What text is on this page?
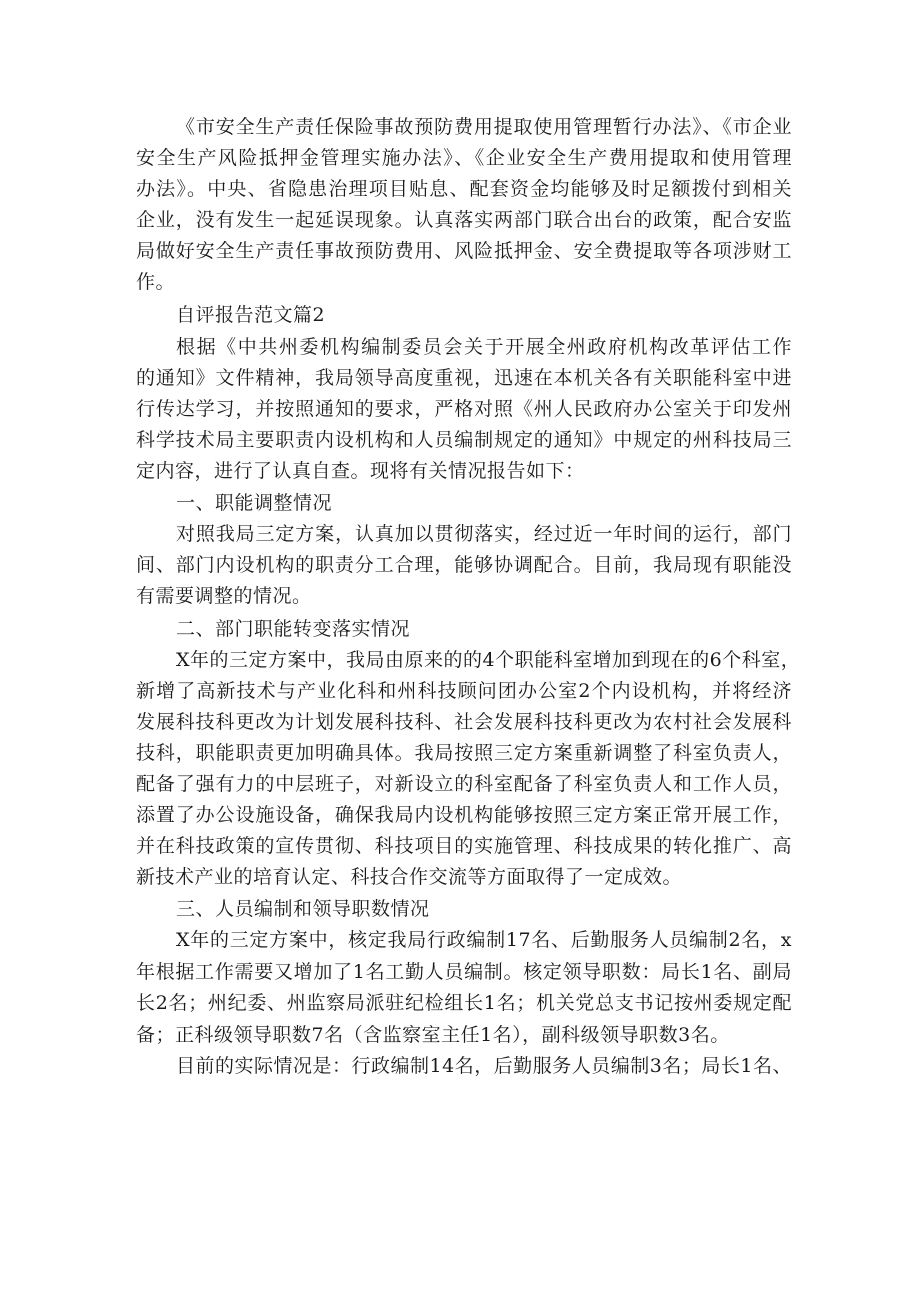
《市安全生产责任保险事故预防费用提取使用管理暂行办法》、《市企业
安全生产风险抵押金管理实施办法》、《企业安全生产费用提取和使用管理
办法》。中央、省隐患治理项目贴息、配套资金均能够及时足额拨付到相关
企业，没有发生一起延误现象。认真落实两部门联合出台的政策，配合安监
局做好安全生产责任事故预防费用、风险抵押金、安全费提取等各项涉财工
作。
自评报告范文篇2
根据《中共州委机构编制委员会关于开展全州政府机构改革评估工作
的通知》文件精神，我局领导高度重视，迅速在本机关各有关职能科室中进
行传达学习，并按照通知的要求，严格对照《州人民政府办公室关于印发州
科学技术局主要职责内设机构和人员编制规定的通知》中规定的州科技局三
定内容，进行了认真自查。现将有关情况报告如下：
一、职能调整情况
对照我局三定方案，认真加以贯彻落实，经过近一年时间的运行，部门
间、部门内设机构的职责分工合理，能够协调配合。目前，我局现有职能没
有需要调整的情况。
二、部门职能转变落实情况
X年的三定方案中，我局由原来的的4个职能科室增加到现在的6个科室，
新增了高新技术与产业化科和州科技顾问团办公室2个内设机构，并将经济
发展科技科更改为计划发展科技科、社会发展科技科更改为农村社会发展科
技科，职能职责更加明确具体。我局按照三定方案重新调整了科室负责人，
配备了强有力的中层班子，对新设立的科室配备了科室负责人和工作人员，
添置了办公设施设备，确保我局内设机构能够按照三定方案正常开展工作，
并在科技政策的宣传贯彻、科技项目的实施管理、科技成果的转化推广、高
新技术产业的培育认定、科技合作交流等方面取得了一定成效。
三、人员编制和领导职数情况
X年的三定方案中，核定我局行政编制17名、后勤服务人员编制2名，x
年根据工作需要又增加了1名工勤人员编制。核定领导职数：局长1名、副局
长2名；州纪委、州监察局派驻纪检组长1名；机关党总支书记按州委规定配
备；正科级领导职数7名（含监察室主任1名），副科级领导职数3名。
目前的实际情况是：行政编制14名，后勤服务人员编制3名；局长1名、
